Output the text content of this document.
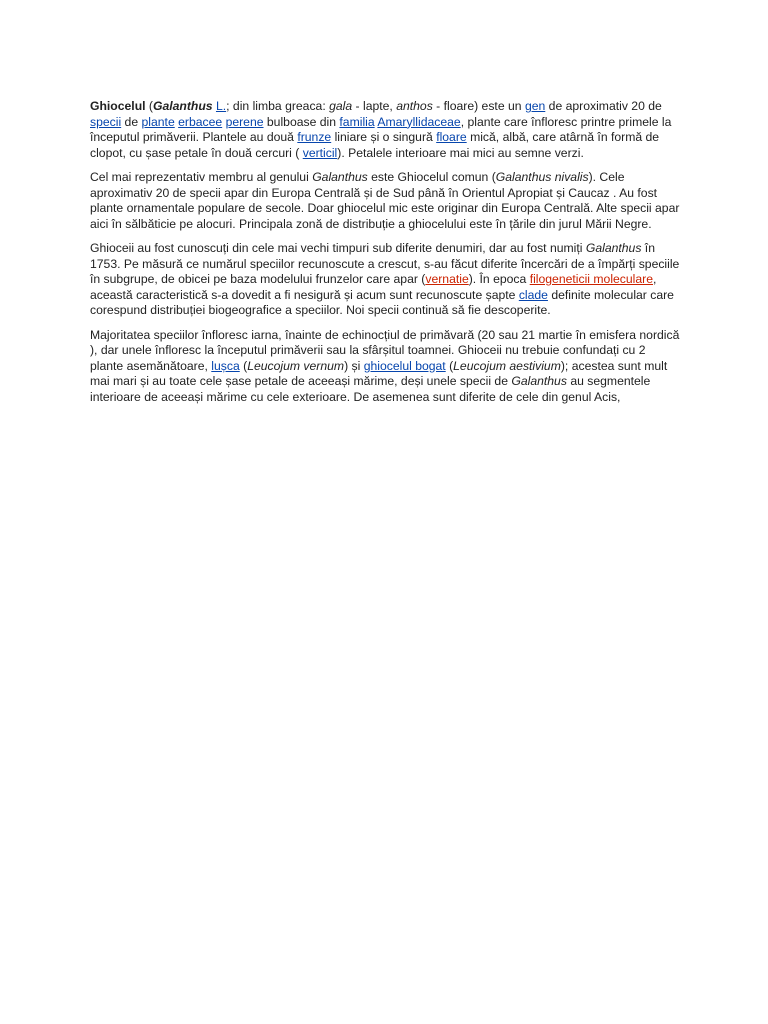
Ghiocelul (Galanthus L.; din limba greaca: gala - lapte, anthos - floare) este un gen de aproximativ 20 de specii de plante erbacee perene bulboase din familia Amaryllidaceae, plante care înfloresc printre primele la începutul primăverii. Plantele au două frunze liniare și o singură floare mică, albă, care atârnă în formă de clopot, cu șase petale în două cercuri ( verticil). Petalele interioare mai mici au semne verzi.

Cel mai reprezentativ membru al genului Galanthus este Ghiocelul comun (Galanthus nivalis). Cele aproximativ 20 de specii apar din Europa Centrală și de Sud până în Orientul Apropiat și Caucaz . Au fost plante ornamentale populare de secole. Doar ghiocelul mic este originar din Europa Centrală. Alte specii apar aici în sălbăticie pe alocuri. Principala zonă de distribuție a ghiocelului este în țările din jurul Mării Negre.

Ghioceii au fost cunoscuți din cele mai vechi timpuri sub diferite denumiri, dar au fost numiți Galanthus în 1753. Pe măsură ce numărul speciilor recunoscute a crescut, s-au făcut diferite încercări de a împărți speciile în subgrupe, de obicei pe baza modelului frunzelor care apar (vernatie). În epoca filogeneticii moleculare, această caracteristică s-a dovedit a fi nesigură și acum sunt recunoscute șapte clade definite molecular care corespund distribuției biogeografice a speciilor. Noi specii continuă să fie descoperite.

Majoritatea speciilor înfloresc iarna, înainte de echinocțiul de primăvară (20 sau 21 martie în emisfera nordică ), dar unele înfloresc la începutul primăverii sau la sfârșitul toamnei. Ghioceii nu trebuie confundați cu 2 plante asemănătoare, lușca (Leucojum vernum) și ghiocelul bogat (Leucojum aestivium); acestea sunt mult mai mari și au toate cele șase petale de aceeași mărime, deși unele specii de Galanthus au segmentele interioare de aceeași mărime cu cele exterioare. De asemenea sunt diferite de cele din genul Acis,
